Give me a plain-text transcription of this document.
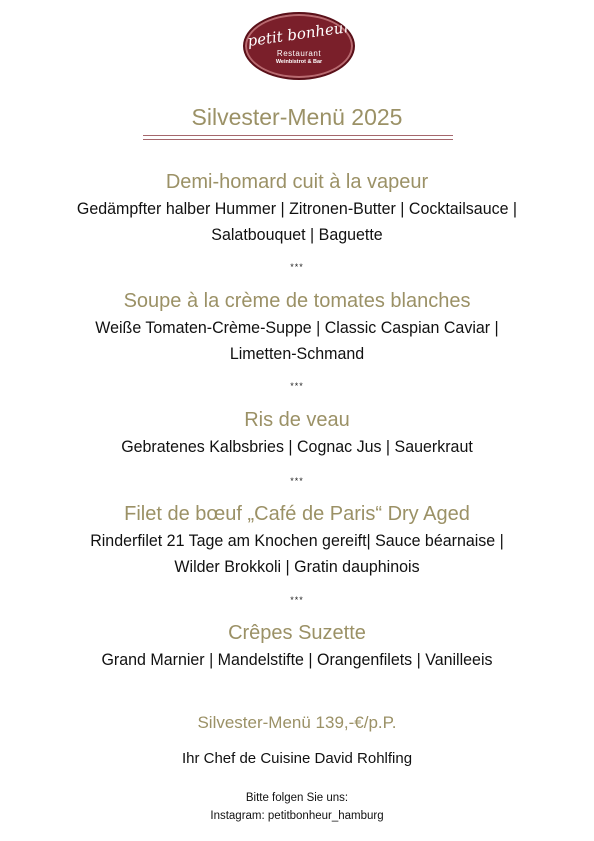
petit bonheur
Restaurant
Weinbistrot & Bar
Silvester-Menü 2025
Demi-homard cuit à la vapeur
Gedämpfter halber Hummer | Zitronen-Butter | Cocktailsauce |
Salatbouquet | Baguette
***
Soupe à la crème de tomates blanches
Weiße Tomaten-Crème-Suppe | Classic Caspian Caviar |
Limetten-Schmand
***
Ris de veau
Gebratenes Kalbsbries | Cognac Jus | Sauerkraut
***
Filet de bœuf „Café de Paris“ Dry Aged
Rinderfilet 21 Tage am Knochen gereift| Sauce béarnaise |
Wilder Brokkoli | Gratin dauphinois
***
Crêpes Suzette
Grand Marnier | Mandelstifte | Orangenfilets | Vanilleeis
Silvester-Menü 139,-€/p.P.
Ihr Chef de Cuisine David Rohlfing
Bitte folgen Sie uns:
Instagram: petitbonheur_hamburg
